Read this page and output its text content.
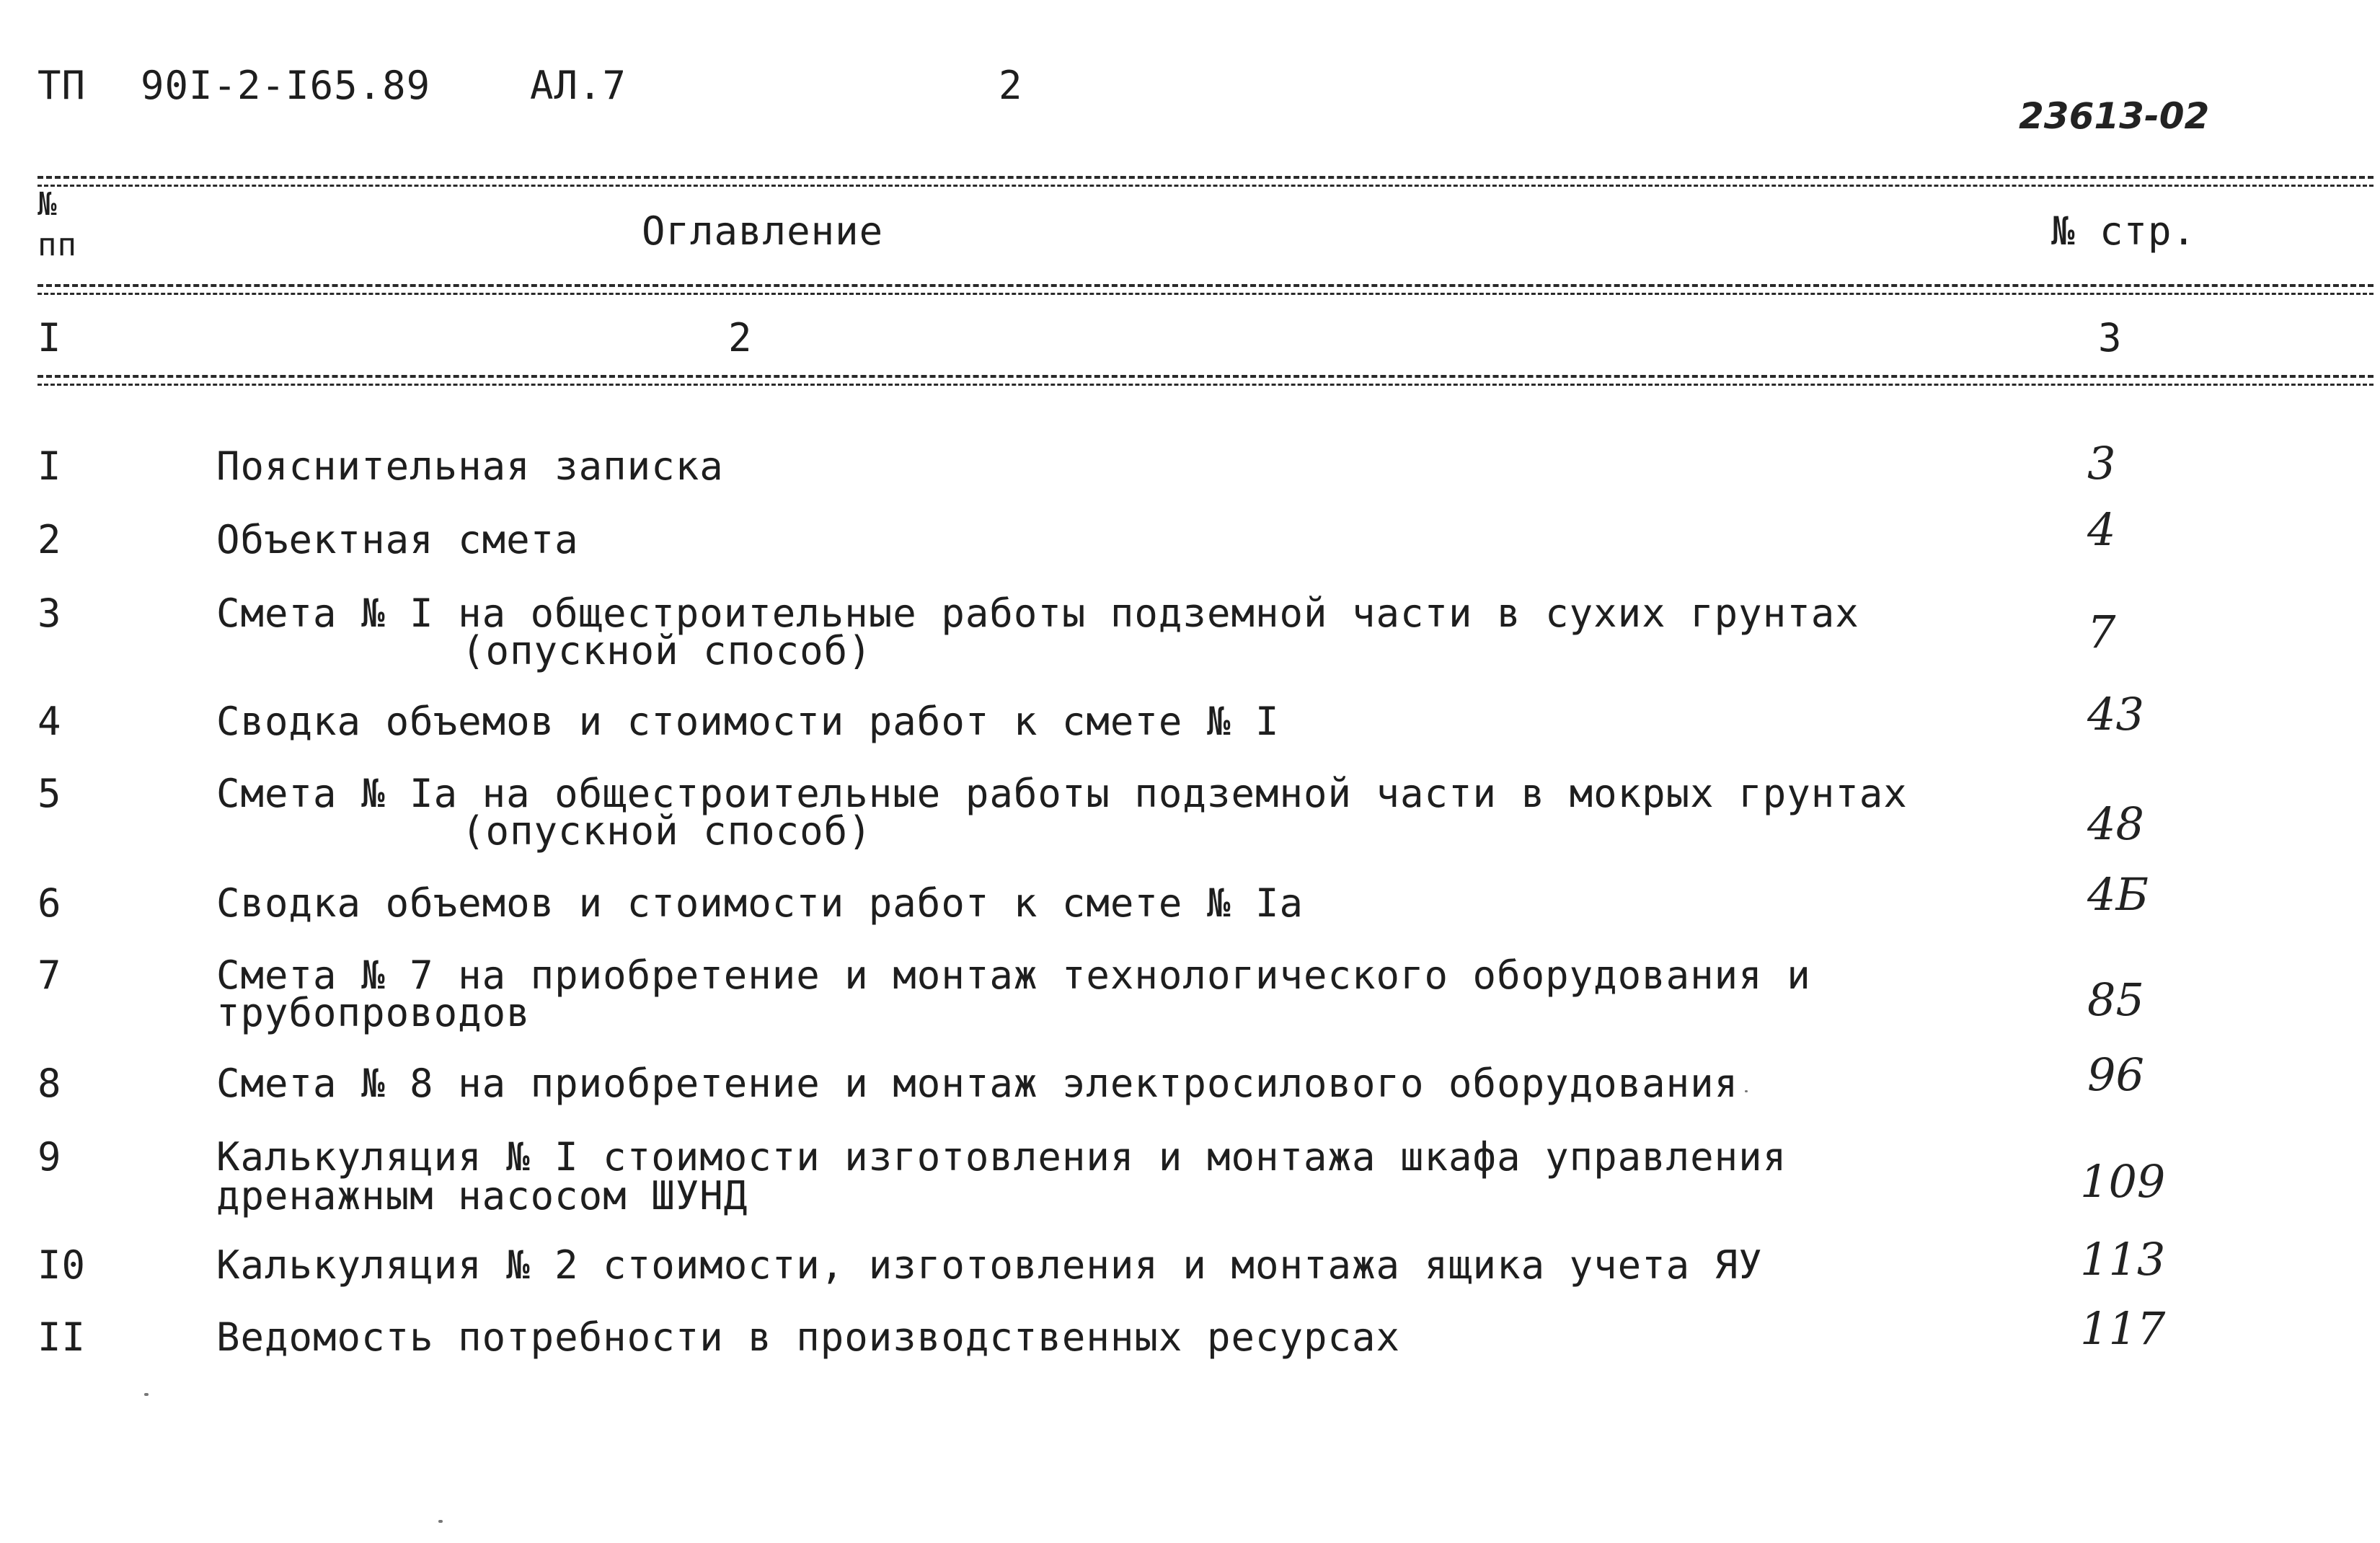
ТП 90I-2-I65.89	АЛ.7	2
23613-02
№
пп	Оглавление	№ стр.
I	2	3
I	Пояснительная записка	3
2	Объектная смета	4
3	Смета № I на общестроительные работы подземной части в сухих грунтах
(опускной способ)	7
4	Сводка объемов и стоимости работ к смете № I	43
5	Смета № Iа на общестроительные работы подземной части в мокрых грунтах
(опускной способ)	48
6	Сводка объемов и стоимости работ к смете № Iа	4Б
7	Смета № 7 на приобретение и монтаж технологического оборудования и
трубопроводов	85
8	Смета № 8 на приобретение и монтаж электросилового оборудования	96
9	Калькуляция № I стоимости изготовления и монтажа шкафа управления
дренажным насосом ШУНД	109
I0	Калькуляция № 2 стоимости, изготовления и монтажа ящика учета ЯУ	113
II	Ведомость потребности в производственных ресурсах	117
